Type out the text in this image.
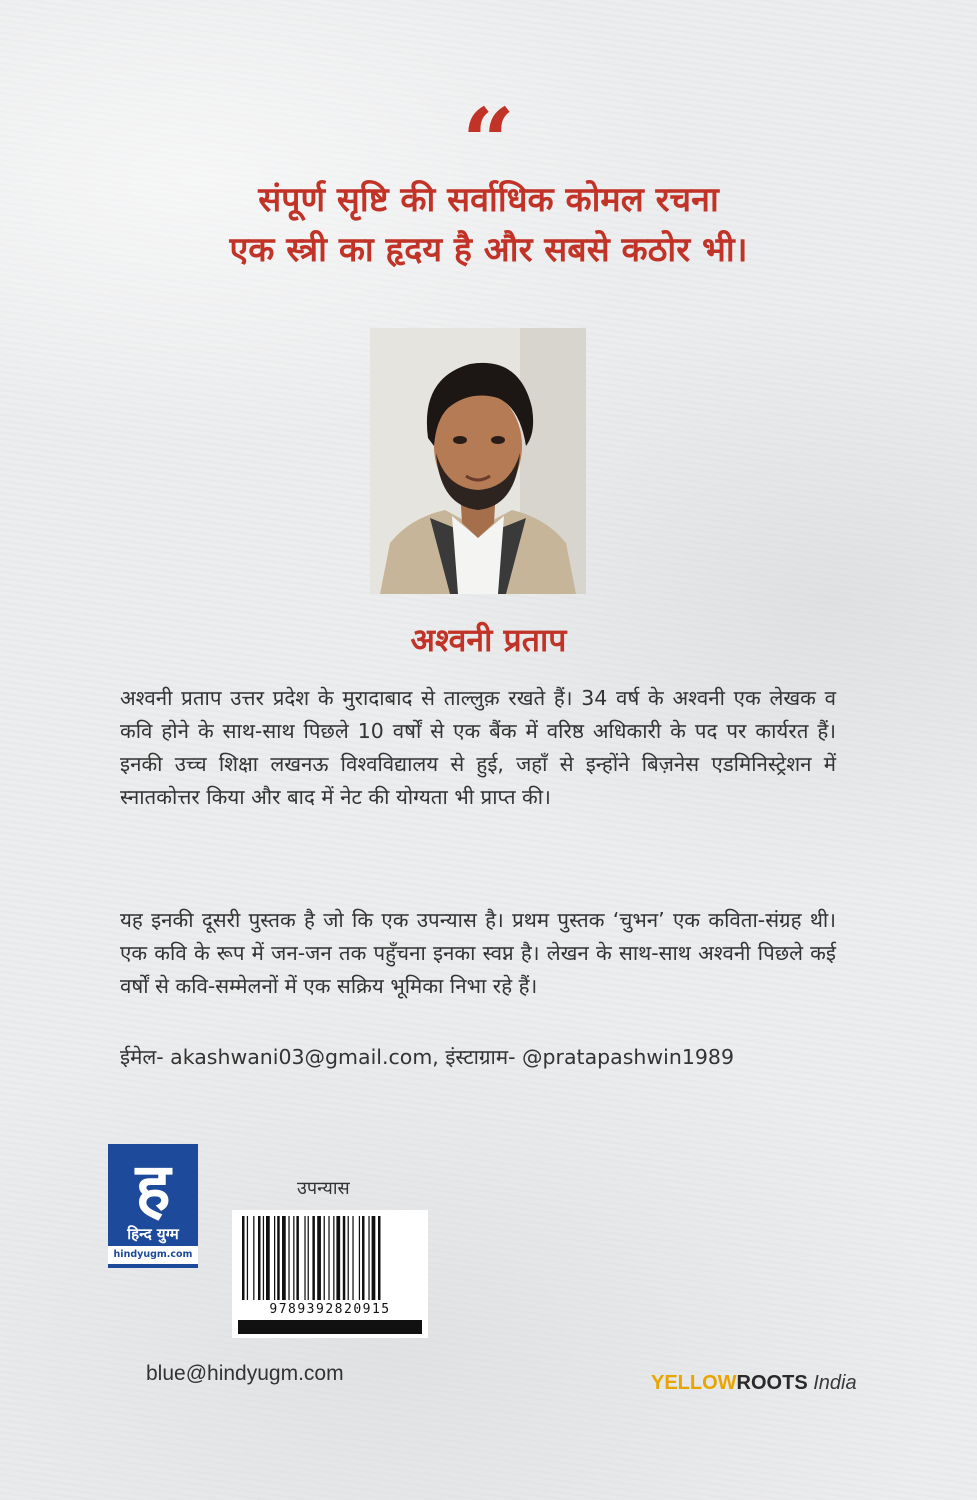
“
संपूर्ण सृष्टि की सर्वाधिक कोमल रचना
एक स्त्री का हृदय है और सबसे कठोर भी।
अश्वनी प्रताप

अश्वनी प्रताप उत्तर प्रदेश के मुरादाबाद से ताल्लुक़ रखते हैं। 34 वर्ष के अश्वनी एक लेखक व कवि होने के साथ-साथ पिछले 10 वर्षों से एक बैंक में वरिष्ठ अधिकारी के पद पर कार्यरत हैं। इनकी उच्च शिक्षा लखनऊ विश्वविद्यालय से हुई, जहाँ से इन्होंने बिज़नेस एडमिनिस्ट्रेशन में स्नातकोत्तर किया और बाद में नेट की योग्यता भी प्राप्त की।

यह इनकी दूसरी पुस्तक है जो कि एक उपन्यास है। प्रथम पुस्तक ‘चुभन’ एक कविता-संग्रह थी। एक कवि के रूप में जन-जन तक पहुँचना इनका स्वप्न है। लेखन के साथ-साथ अश्वनी पिछले कई वर्षों से कवि-सम्मेलनों में एक सक्रिय भूमिका निभा रहे हैं।

ईमेल- akashwani03@gmail.com, इंस्टाग्राम- @pratapashwin1989

ह
हिन्द युग्म
hindyugm.com
उपन्यास
9789392820915
blue@hindyugm.com	YELLOWROOTS India
